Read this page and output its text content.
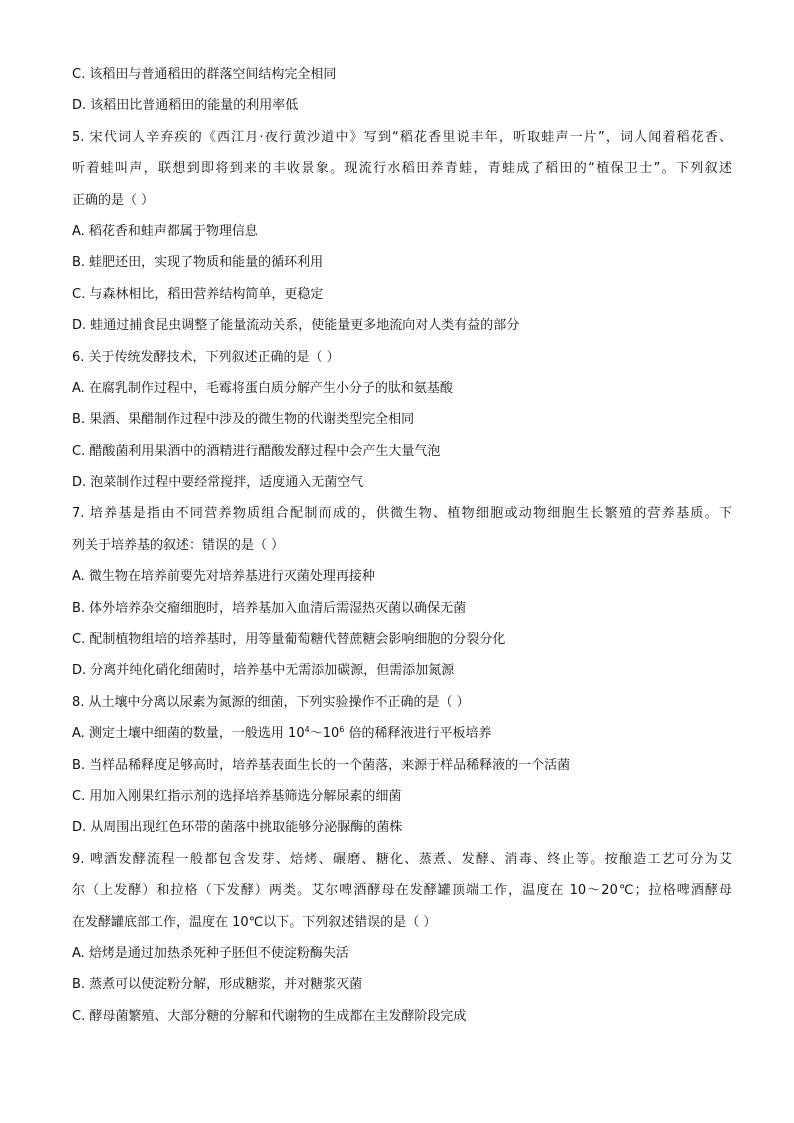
C. 该稻田与普通稻田的群落空间结构完全相同
D. 该稻田比普通稻田的能量的利用率低
5. 宋代词人辛弃疾的《西江月·夜行黄沙道中》写到“稻花香里说丰年，听取蛙声一片”，词人闻着稻花香、
听着蛙叫声，联想到即将到来的丰收景象。现流行水稻田养青蛙，青蛙成了稻田的“植保卫士”。下列叙述
正确的是（ ）
A. 稻花香和蛙声都属于物理信息
B. 蛙肥还田，实现了物质和能量的循环利用
C. 与森林相比，稻田营养结构简单，更稳定
D. 蛙通过捕食昆虫调整了能量流动关系，使能量更多地流向对人类有益的部分
6. 关于传统发酵技术，下列叙述正确的是（ ）
A. 在腐乳制作过程中，毛霉将蛋白质分解产生小分子的肽和氨基酸
B. 果酒、果醋制作过程中涉及的微生物的代谢类型完全相同
C. 醋酸菌利用果酒中的酒精进行醋酸发酵过程中会产生大量气泡
D. 泡菜制作过程中要经常搅拌，适度通入无菌空气
7. 培养基是指由不同营养物质组合配制而成的，供微生物、植物细胞或动物细胞生长繁殖的营养基质。下
列关于培养基的叙述：错误的是（ ）
A. 微生物在培养前要先对培养基进行灭菌处理再接种
B. 体外培养杂交瘤细胞时，培养基加入血清后需湿热灭菌以确保无菌
C. 配制植物组培的培养基时，用等量葡萄糖代替蔗糖会影响细胞的分裂分化
D. 分离并纯化硝化细菌时，培养基中无需添加碳源，但需添加氮源
8. 从土壤中分离以尿素为氮源的细菌，下列实验操作不正确的是（ ）
A. 测定土壤中细菌的数量，一般选用 $10^4\sim 10^6$ 倍的稀释液进行平板培养
B. 当样品稀释度足够高时，培养基表面生长的一个菌落，来源于样品稀释液的一个活菌
C. 用加入刚果红指示剂的选择培养基筛选分解尿素的细菌
D. 从周围出现红色环带的菌落中挑取能够分泌脲酶的菌株
9. 啤酒发酵流程一般都包含发芽、焙烤、碾磨、糖化、蒸煮、发酵、消毒、终止等。按酿造工艺可分为艾
尔（上发酵）和拉格（下发酵）两类。艾尔啤酒酵母在发酵罐顶端工作，温度在 10～20℃；拉格啤酒酵母
在发酵罐底部工作，温度在 10℃以下。下列叙述错误的是（ ）
A. 焙烤是通过加热杀死种子胚但不使淀粉酶失活
B. 蒸煮可以使淀粉分解，形成糖浆，并对糖浆灭菌
C. 酵母菌繁殖、大部分糖的分解和代谢物的生成都在主发酵阶段完成
